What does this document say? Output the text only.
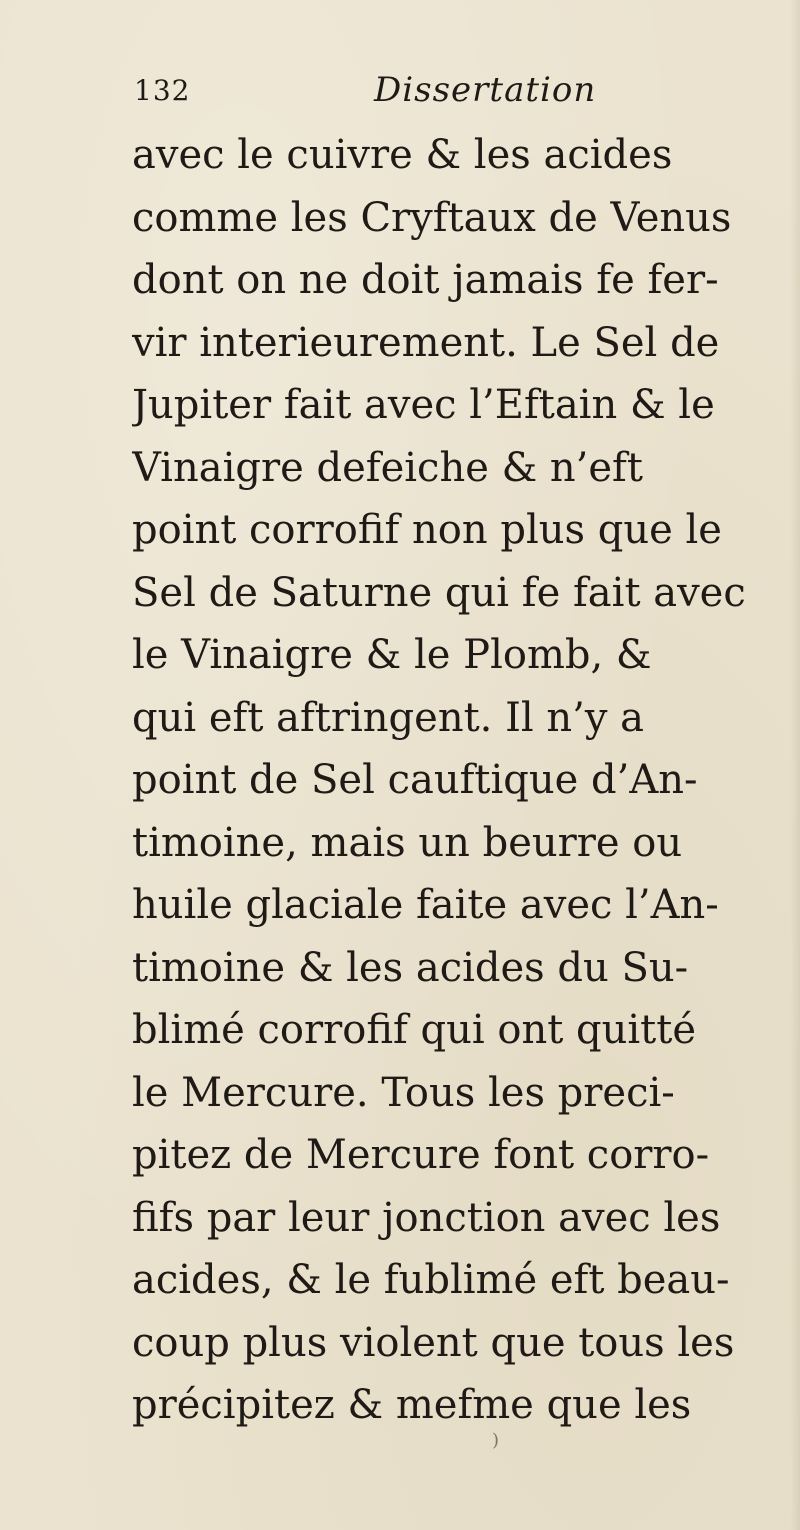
132	Dissertation
avec le cuivre & les acides
comme les Cryftaux de Venus
dont on ne doit jamais fe fer-
vir interieurement. Le Sel de
Jupiter fait avec l’Eftain & le
Vinaigre defeiche & n’eft
point corrofif non plus que le
Sel de Saturne qui fe fait avec
le Vinaigre & le Plomb, &
qui eft aftringent. Il n’y a
point de Sel cauftique d’An-
timoine, mais un beurre ou
huile glaciale faite avec l’An-
timoine & les acides du Su-
blimé corrofif qui ont quitté
le Mercure. Tous les preci-
pitez de Mercure font corro-
fifs par leur jonction avec les
acides, & le fublimé eft beau-
coup plus violent que tous les
précipitez & mefme que les
)
